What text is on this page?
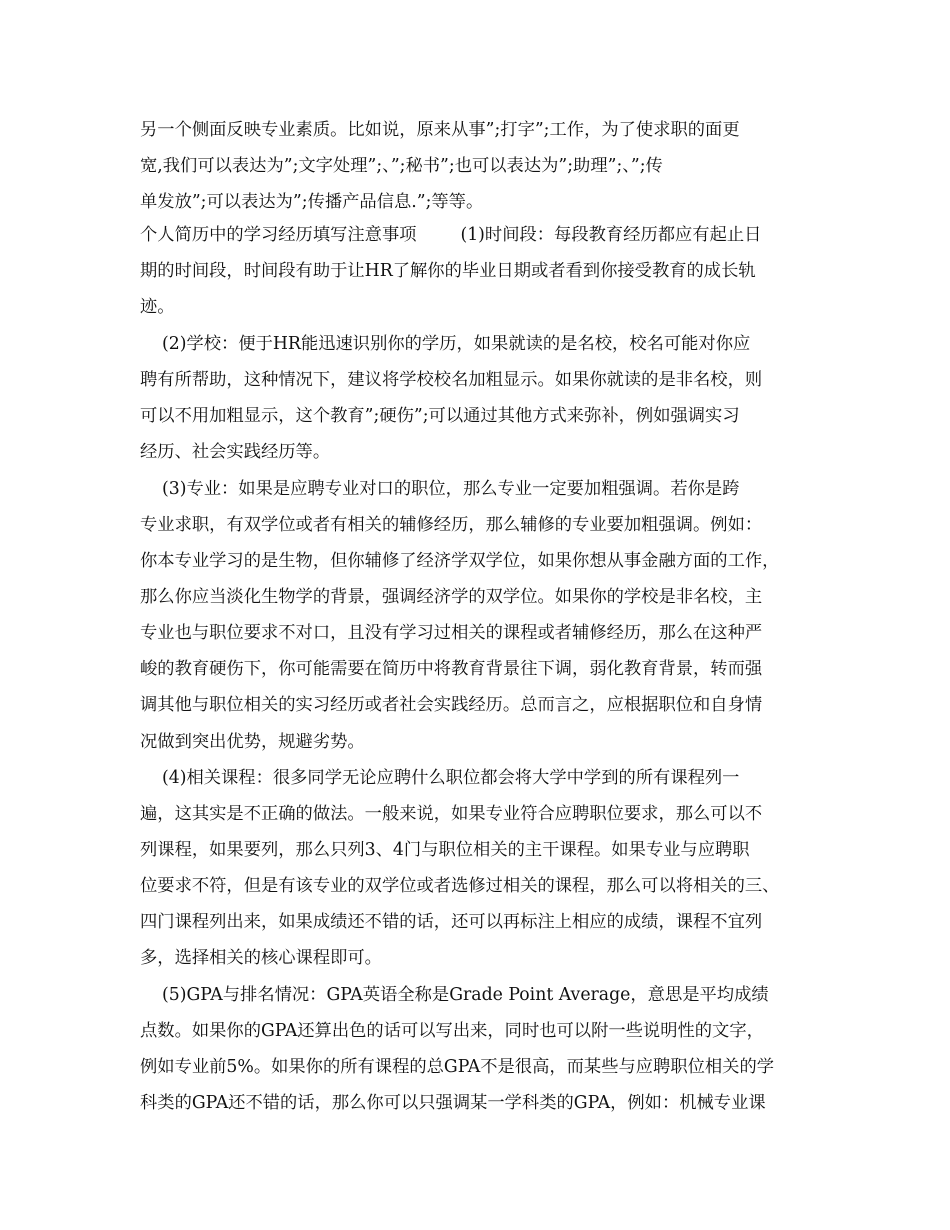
另一个侧面反映专业素质。比如说，原来从事”;打字”;工作，为了使求职的面更
宽,我们可以表达为”;文字处理”;、”;秘书”;也可以表达为”;助理”;、”;传
单发放”;可以表达为”;传播产品信息.”;等等。
个人简历中的学习经历填写注意事项        (1)时间段：每段教育经历都应有起止日
期的时间段，时间段有助于让HR了解你的毕业日期或者看到你接受教育的成长轨
迹。
(2)学校：便于HR能迅速识别你的学历，如果就读的是名校，校名可能对你应
聘有所帮助，这种情况下，建议将学校校名加粗显示。如果你就读的是非名校，则
可以不用加粗显示，这个教育”;硬伤”;可以通过其他方式来弥补，例如强调实习
经历、社会实践经历等。
(3)专业：如果是应聘专业对口的职位，那么专业一定要加粗强调。若你是跨
专业求职，有双学位或者有相关的辅修经历，那么辅修的专业要加粗强调。例如：
你本专业学习的是生物，但你辅修了经济学双学位，如果你想从事金融方面的工作，
那么你应当淡化生物学的背景，强调经济学的双学位。如果你的学校是非名校，主
专业也与职位要求不对口，且没有学习过相关的课程或者辅修经历，那么在这种严
峻的教育硬伤下，你可能需要在简历中将教育背景往下调，弱化教育背景，转而强
调其他与职位相关的实习经历或者社会实践经历。总而言之，应根据职位和自身情
况做到突出优势，规避劣势。
(4)相关课程：很多同学无论应聘什么职位都会将大学中学到的所有课程列一
遍，这其实是不正确的做法。一般来说，如果专业符合应聘职位要求，那么可以不
列课程，如果要列，那么只列3、4门与职位相关的主干课程。如果专业与应聘职
位要求不符，但是有该专业的双学位或者选修过相关的课程，那么可以将相关的三、
四门课程列出来，如果成绩还不错的话，还可以再标注上相应的成绩，课程不宜列
多，选择相关的核心课程即可。
(5)GPA与排名情况：GPA英语全称是Grade Point Average，意思是平均成绩
点数。如果你的GPA还算出色的话可以写出来，同时也可以附一些说明性的文字，
例如专业前5%。如果你的所有课程的总GPA不是很高，而某些与应聘职位相关的学
科类的GPA还不错的话，那么你可以只强调某一学科类的GPA，例如：机械专业课
